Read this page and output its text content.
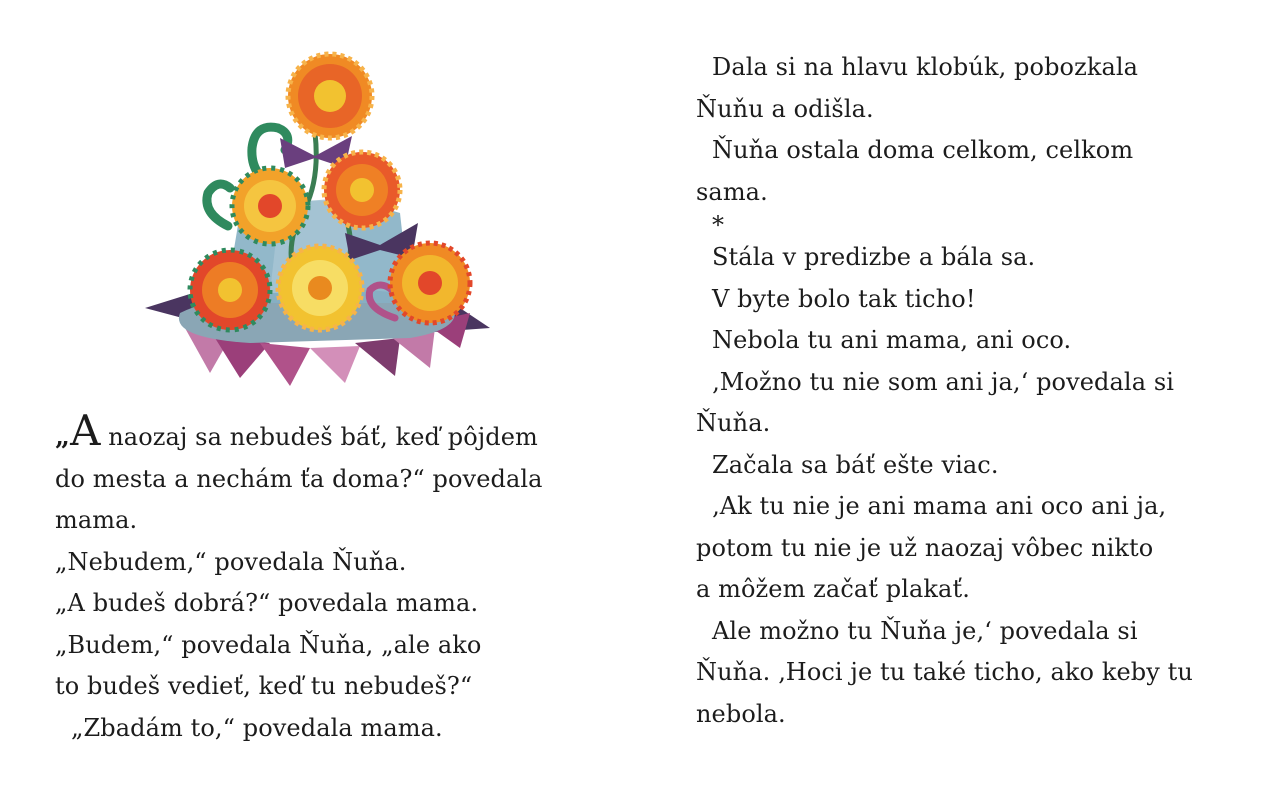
„A naozaj sa nebudeš báť, keď pôjdem
do mesta a nechám ťa doma?“ povedala
mama.
„Nebudem,“ povedala Ňuňa.
„A budeš dobrá?“ povedala mama.
„Budem,“ povedala Ňuňa, „ale ako
to budeš vedieť, keď tu nebudeš?“
„Zbadám to,“ povedala mama.
Dala si na hlavu klobúk, pobozkala
Ňuňu a odišla.
Ňuňa ostala doma celkom, celkom
sama.
*
Stála v predizbe a bála sa.
V byte bolo tak ticho!
Nebola tu ani mama, ani oco.
‚Možno tu nie som ani ja,‘ povedala si
Ňuňa.
Začala sa báť ešte viac.
‚Ak tu nie je ani mama ani oco ani ja,
potom tu nie je už naozaj vôbec nikto
a môžem začať plakať.
Ale možno tu Ňuňa je,‘ povedala si
Ňuňa. ‚Hoci je tu také ticho, ako keby tu
nebola.
